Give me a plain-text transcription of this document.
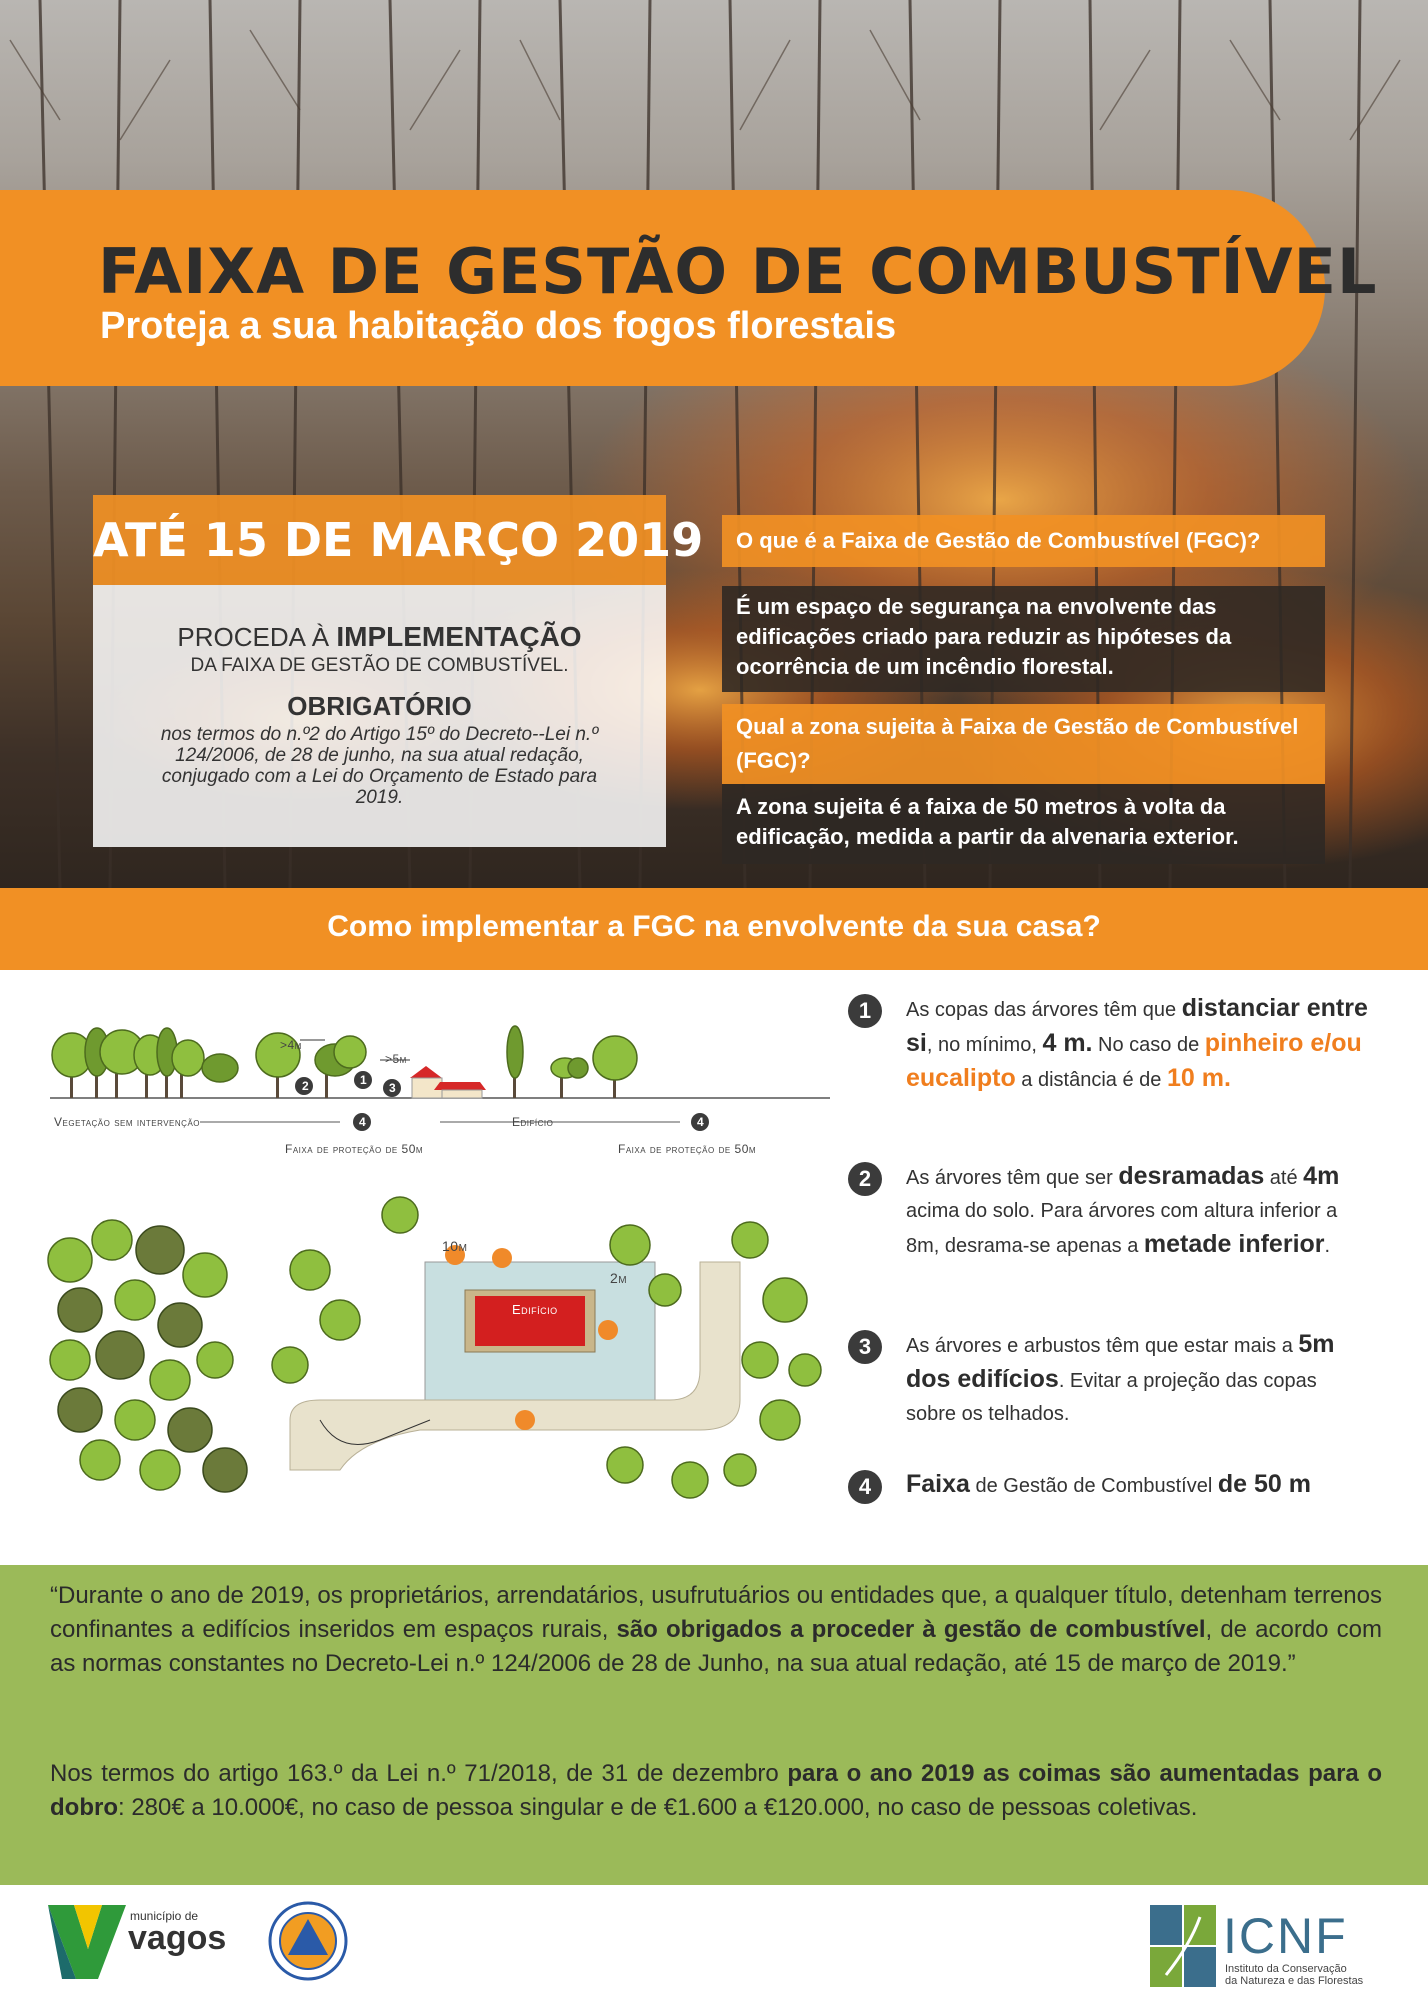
FAIXA DE GESTÃO DE COMBUSTÍVEL
Proteja a sua habitação dos fogos florestais
ATÉ 15 DE MARÇO 2019
PROCEDA À IMPLEMENTAÇÃO
DA FAIXA DE GESTÃO DE COMBUSTÍVEL.
OBRIGATÓRIO
nos termos do n.º2 do Artigo 15º do Decreto--Lei n.º 124/2006, de 28 de junho, na sua atual redação, conjugado com a Lei do Orçamento de Estado para 2019.
O que é a Faixa de Gestão de Combustível (FGC)?
É um espaço de segurança na envolvente das edificações criado para reduzir as hipóteses da ocorrência de um incêndio florestal.
Qual a zona sujeita à Faixa de Gestão de Combustível (FGC)?
A zona sujeita é a faixa de 50 metros à volta da edificação, medida a partir da alvenaria exterior.
Como implementar a FGC na envolvente da sua casa?
>4m
>5m
2	1
3
4	4
Vegetação sem intervenção	Edifício
Faixa de proteção de 50m	Faixa de proteção de 50m
10m
2m
Edifício
1	As copas das árvores têm que distanciar entre si, no mínimo, 4 m. No caso de pinheiro e/ou eucalipto a distância é de 10 m.
2	As árvores têm que ser desramadas até 4m acima do solo. Para árvores com altura inferior a 8m, desrama-se apenas a metade inferior.
3	As árvores e arbustos têm que estar mais a 5m dos edifícios. Evitar a projeção das copas sobre os telhados.
4	Faixa de Gestão de Combustível de 50 m

“Durante o ano de 2019, os proprietários, arrendatários, usufrutuários ou entidades que, a qualquer título, detenham terrenos confinantes a edifícios inseridos em espaços rurais, são obrigados a proceder à gestão de combustível, de acordo com as normas constantes no Decreto-Lei n.º 124/2006 de 28 de Junho, na sua atual redação, até 15 de março de 2019.”

Nos termos do artigo 163.º da Lei n.º 71/2018, de 31 de dezembro para o ano 2019 as coimas são aumentadas para o dobro: 280€ a 10.000€, no caso de pessoa singular e de €1.600 a €120.000, no caso de pessoas coletivas.

município de
vagos	ICNF
Instituto da Conservação
da Natureza e das Florestas
